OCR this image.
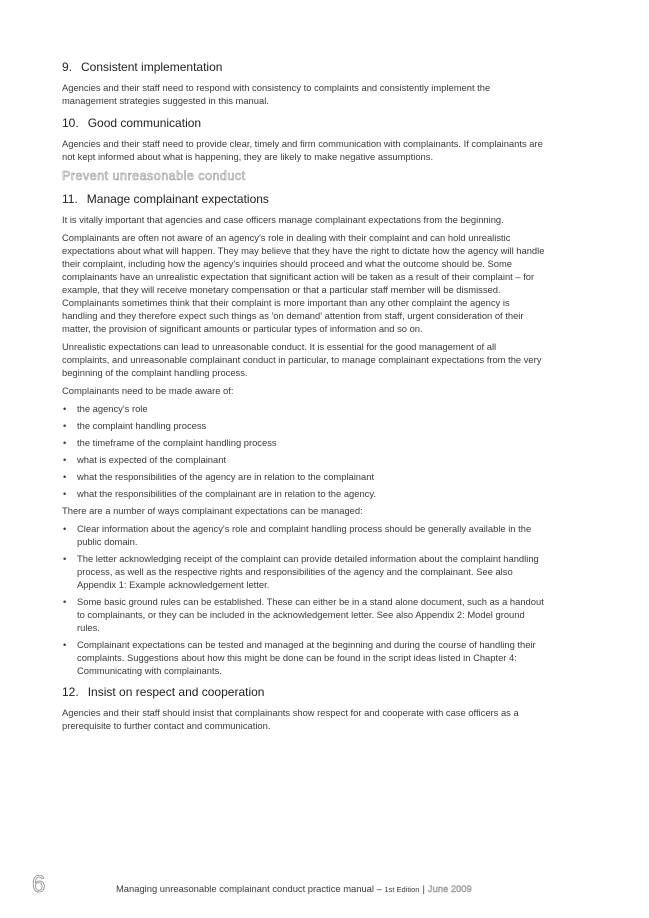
9. Consistent implementation

Agencies and their staff need to respond with consistency to complaints and consistently implement the management strategies suggested in this manual.

10. Good communication

Agencies and their staff need to provide clear, timely and firm communication with complainants. If complainants are not kept informed about what is happening, they are likely to make negative assumptions.

Prevent unreasonable conduct
11. Manage complainant expectations

It is vitally important that agencies and case officers manage complainant expectations from the beginning.

Complainants are often not aware of an agency's role in dealing with their complaint and can hold unrealistic expectations about what will happen. They may believe that they have the right to dictate how the agency will handle their complaint, including how the agency's inquiries should proceed and what the outcome should be. Some complainants have an unrealistic expectation that significant action will be taken as a result of their complaint – for example, that they will receive monetary compensation or that a particular staff member will be dismissed. Complainants sometimes think that their complaint is more important than any other complaint the agency is handling and they therefore expect such things as 'on demand' attention from staff, urgent consideration of their matter, the provision of significant amounts or particular types of information and so on.

Unrealistic expectations can lead to unreasonable conduct. It is essential for the good management of all complaints, and unreasonable complainant conduct in particular, to manage complainant expectations from the very beginning of the complaint handling process.

Complainants need to be made aware of:

• the agency's role
• the complaint handling process
• the timeframe of the complaint handling process
• what is expected of the complainant
• what the responsibilities of the agency are in relation to the complainant
• what the responsibilities of the complainant are in relation to the agency.

There are a number of ways complainant expectations can be managed:

• Clear information about the agency's role and complaint handling process should be generally available in the public domain.
• The letter acknowledging receipt of the complaint can provide detailed information about the complaint handling process, as well as the respective rights and responsibilities of the agency and the complainant. See also Appendix 1: Example acknowledgement letter.
• Some basic ground rules can be established. These can either be in a stand alone document, such as a handout to complainants, or they can be included in the acknowledgement letter. See also Appendix 2: Model ground rules.
• Complainant expectations can be tested and managed at the beginning and during the course of handling their complaints. Suggestions about how this might be done can be found in the script ideas listed in Chapter 4: Communicating with complainants.
12. Insist on respect and cooperation

Agencies and their staff should insist that complainants show respect for and cooperate with case officers as a prerequisite to further contact and communication.

6	Managing unreasonable complainant conduct practice manual – 1st Edition | June 2009
